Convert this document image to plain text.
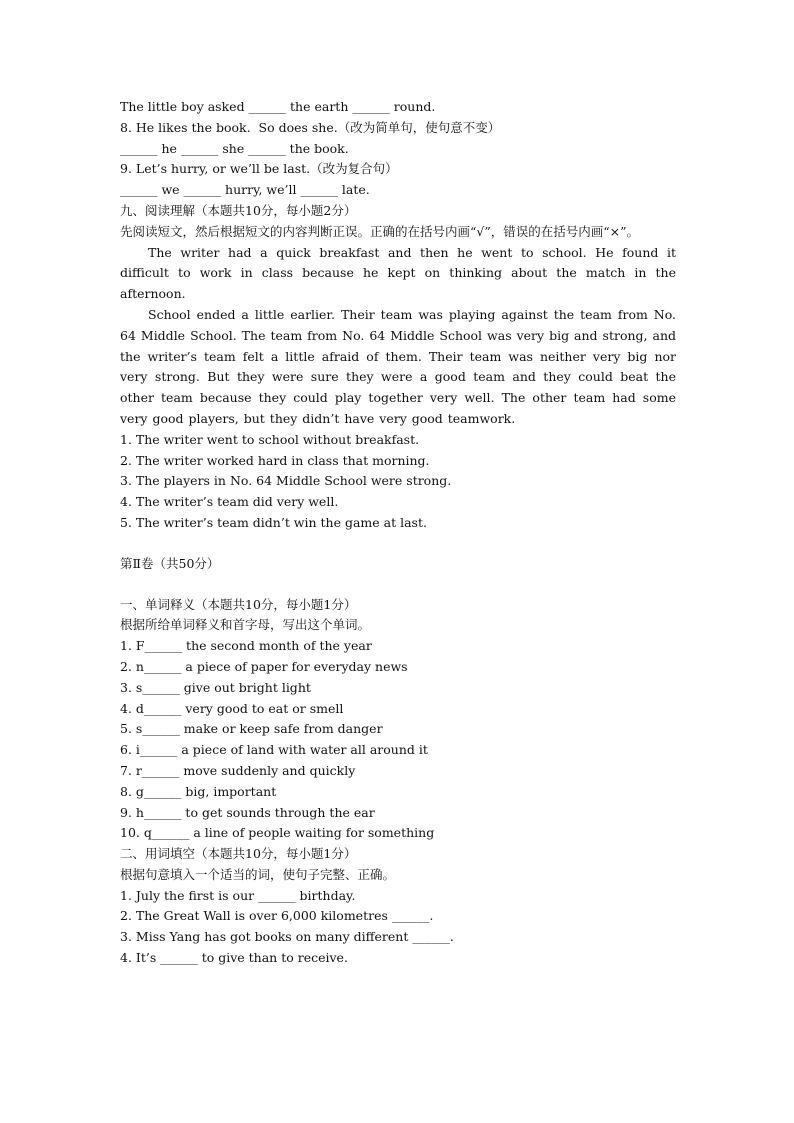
The little boy asked ______ the earth ______ round.

8. He likes the book.  So does she.（改为简单句，使句意不变）

______ he ______ she ______ the book.

9. Let’s hurry, or we’ll be last.（改为复合句）

______ we ______ hurry, we’ll ______ late.

九、阅读理解（本题共10分，每小题2分）

先阅读短文，然后根据短文的内容判断正误。正确的在括号内画“√”，错误的在括号内画“×”。

The writer had a quick breakfast and then he went to school. He found it difficult to work in class because he kept on thinking about the match in the afternoon.

School ended a little earlier. Their team was playing against the team from No. 64 Middle School. The team from No. 64 Middle School was very big and strong, and the writer’s team felt a little afraid of them. Their team was neither very big nor very strong. But they were sure they were a good team and they could beat the other team because they could play together very well. The other team had some very good players, but they didn’t have very good teamwork.

1. The writer went to school without breakfast.

2. The writer worked hard in class that morning.

3. The players in No. 64 Middle School were strong.

4. The writer’s team did very well.

5. The writer’s team didn’t win the game at last.

第Ⅱ卷（共50分）

一、单词释义（本题共10分，每小题1分）

根据所给单词释义和首字母，写出这个单词。

1. F______ the second month of the year

2. n______ a piece of paper for everyday news

3. s______ give out bright light

4. d______ very good to eat or smell

5. s______ make or keep safe from danger

6. i______ a piece of land with water all around it

7. r______ move suddenly and quickly

8. g______ big, important

9. h______ to get sounds through the ear

10. q______ a line of people waiting for something

二、用词填空（本题共10分，每小题1分）

根据句意填入一个适当的词，使句子完整、正确。

1. July the first is our ______ birthday.

2. The Great Wall is over 6,000 kilometres ______.

3. Miss Yang has got books on many different ______.

4. It’s ______ to give than to receive.
